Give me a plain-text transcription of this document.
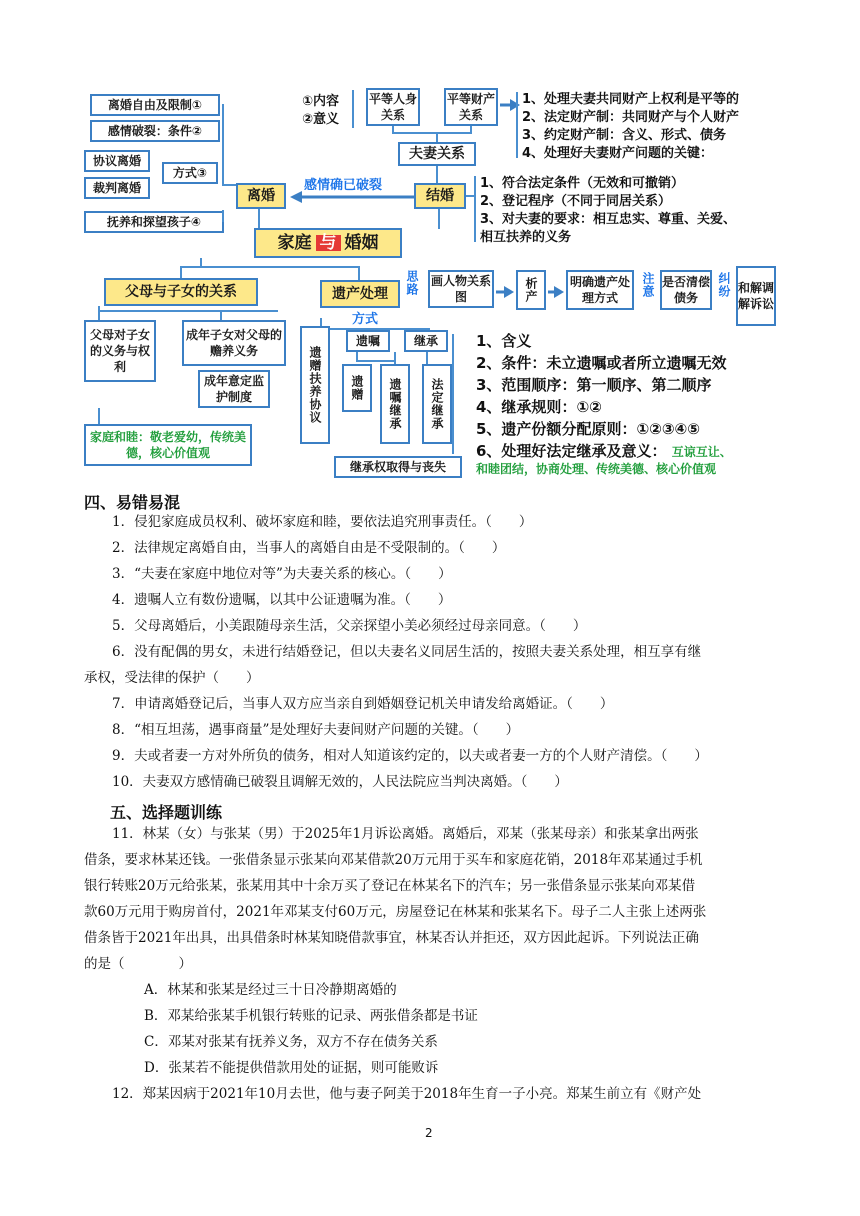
离婚自由及限制①
感情破裂：条件②
协议离婚
裁判离婚
方式③
抚养和探望孩子④
离婚
感情确已破裂
结婚
①内容
②意义
平等人身关系
平等财产关系
夫妻关系
1、处理夫妻共同财产上权利是平等的
2、法定财产制：共同财产与个人财产
3、约定财产制：含义、形式、债务
4、处理好夫妻财产问题的关键：
1、符合法定条件（无效和可撤销）
2、登记程序（不同于同居关系）
3、对夫妻的要求：相互忠实、尊重、关爱、
相互扶养的义务
家庭 与 婚姻
父母与子女的关系
父母对子女的义务与权利
成年子女对父母的赡养义务
成年意定监护制度
家庭和睦：敬老爱幼，传统美德，核心价值观
遗产处理	思路 画人物关系图	析产	明确遗产处理方式	注意 是否清偿债务	纠纷 和解调解诉讼
方式
遗赠扶养协议
遗嘱	继承
遗赠	遗嘱继承	法定继承
继承权取得与丧失
1、含义
2、条件：未立遗嘱或者所立遗嘱无效
3、范围顺序：第一顺序、第二顺序
4、继承规则：①②
5、遗产份额分配原则：①②③④⑤
6、处理好法定继承及意义： 互谅互让、
和睦团结，协商处理、传统美德、核心价值观
四、易错易混
1．侵犯家庭成员权利、破坏家庭和睦，要依法追究刑事责任。（　　）
2．法律规定离婚自由，当事人的离婚自由是不受限制的。（　　）
3．“夫妻在家庭中地位对等”为夫妻关系的核心。（　　）
4．遗嘱人立有数份遗嘱，以其中公证遗嘱为准。（　　）
5．父母离婚后，小美跟随母亲生活，父亲探望小美必须经过母亲同意。（　　）
6．没有配偶的男女，未进行结婚登记，但以夫妻名义同居生活的，按照夫妻关系处理，相互享有继
承权，受法律的保护（　　）
7．申请离婚登记后，当事人双方应当亲自到婚姻登记机关申请发给离婚证。（　　）
8．“相互坦荡，遇事商量”是处理好夫妻间财产问题的关键。（　　）
9．夫或者妻一方对外所负的债务，相对人知道该约定的，以夫或者妻一方的个人财产清偿。（　　）
10．夫妻双方感情确已破裂且调解无效的，人民法院应当判决离婚。（　　）
五、选择题训练
11．林某（女）与张某（男）于2025年1月诉讼离婚。离婚后，邓某（张某母亲）和张某拿出两张
借条，要求林某还钱。一张借条显示张某向邓某借款20万元用于买车和家庭花销，2018年邓某通过手机
银行转账20万元给张某，张某用其中十余万买了登记在林某名下的汽车；另一张借条显示张某向邓某借
款60万元用于购房首付，2021年邓某支付60万元，房屋登记在林某和张某名下。母子二人主张上述两张
借条皆于2021年出具，出具借条时林某知晓借款事宜，林某否认并拒还，双方因此起诉。下列说法正确
的是（　　　　）
A．林某和张某是经过三十日冷静期离婚的
B．邓某给张某手机银行转账的记录、两张借条都是书证
C．邓某对张某有抚养义务，双方不存在债务关系
D．张某若不能提供借款用处的证据，则可能败诉
12．郑某因病于2021年10月去世，他与妻子阿美于2018年生育一子小亮。郑某生前立有《财产处
2
